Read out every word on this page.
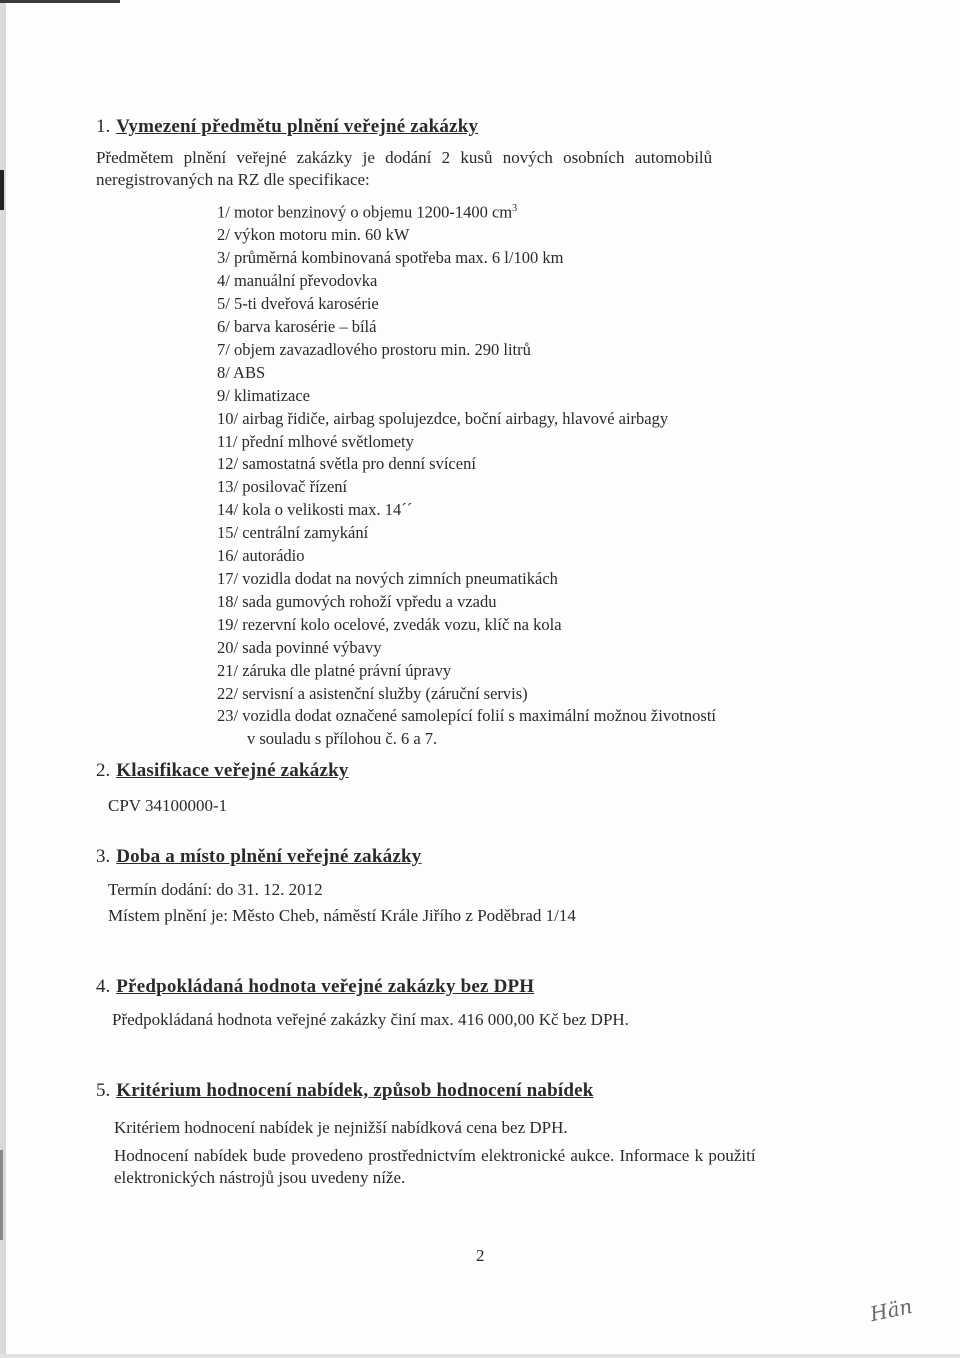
1. Vymezení předmětu plnění veřejné zakázky
Předmětem plnění veřejné zakázky je dodání 2 kusů nových osobních automobilů
neregistrovaných na RZ dle specifikace:
1/ motor benzinový o objemu 1200-1400 $cm^3$
2/ výkon motoru min. 60 kW
3/ průměrná kombinovaná spotřeba max. 6 l/100 km
4/ manuální převodovka
5/ 5-ti dveřová karosérie
6/ barva karosérie – bílá
7/ objem zavazadlového prostoru min. 290 litrů
8/ ABS
9/ klimatizace
10/ airbag řidiče, airbag spolujezdce, boční airbagy, hlavové airbagy
11/ přední mlhové světlomety
12/ samostatná světla pro denní svícení
13/ posilovač řízení
14/ kola o velikosti max. 14´´
15/ centrální zamykání
16/ autorádio
17/ vozidla dodat na nových zimních pneumatikách
18/ sada gumových rohoží vpředu a vzadu
19/ rezervní kolo ocelové, zvedák vozu, klíč na kola
20/ sada povinné výbavy
21/ záruka dle platné právní úpravy
22/ servisní a asistenční služby (záruční servis)
23/ vozidla dodat označené samolepící folií s maximální možnou životností
v souladu s přílohou č. 6 a 7.
2. Klasifikace veřejné zakázky
CPV 34100000-1
3. Doba a místo plnění veřejné zakázky
Termín dodání: do 31. 12. 2012
Místem plnění je: Město Cheb, náměstí Krále Jiřího z Poděbrad 1/14
4. Předpokládaná hodnota veřejné zakázky bez DPH
Předpokládaná hodnota veřejné zakázky činí max. 416 000,00 Kč bez DPH.
5. Kritérium hodnocení nabídek, způsob hodnocení nabídek
Kritériem hodnocení nabídek je nejnižší nabídková cena bez DPH.
Hodnocení nabídek bude provedeno prostřednictvím elektronické aukce. Informace k použití
elektronických nástrojů jsou uvedeny níže.
2
Hän
